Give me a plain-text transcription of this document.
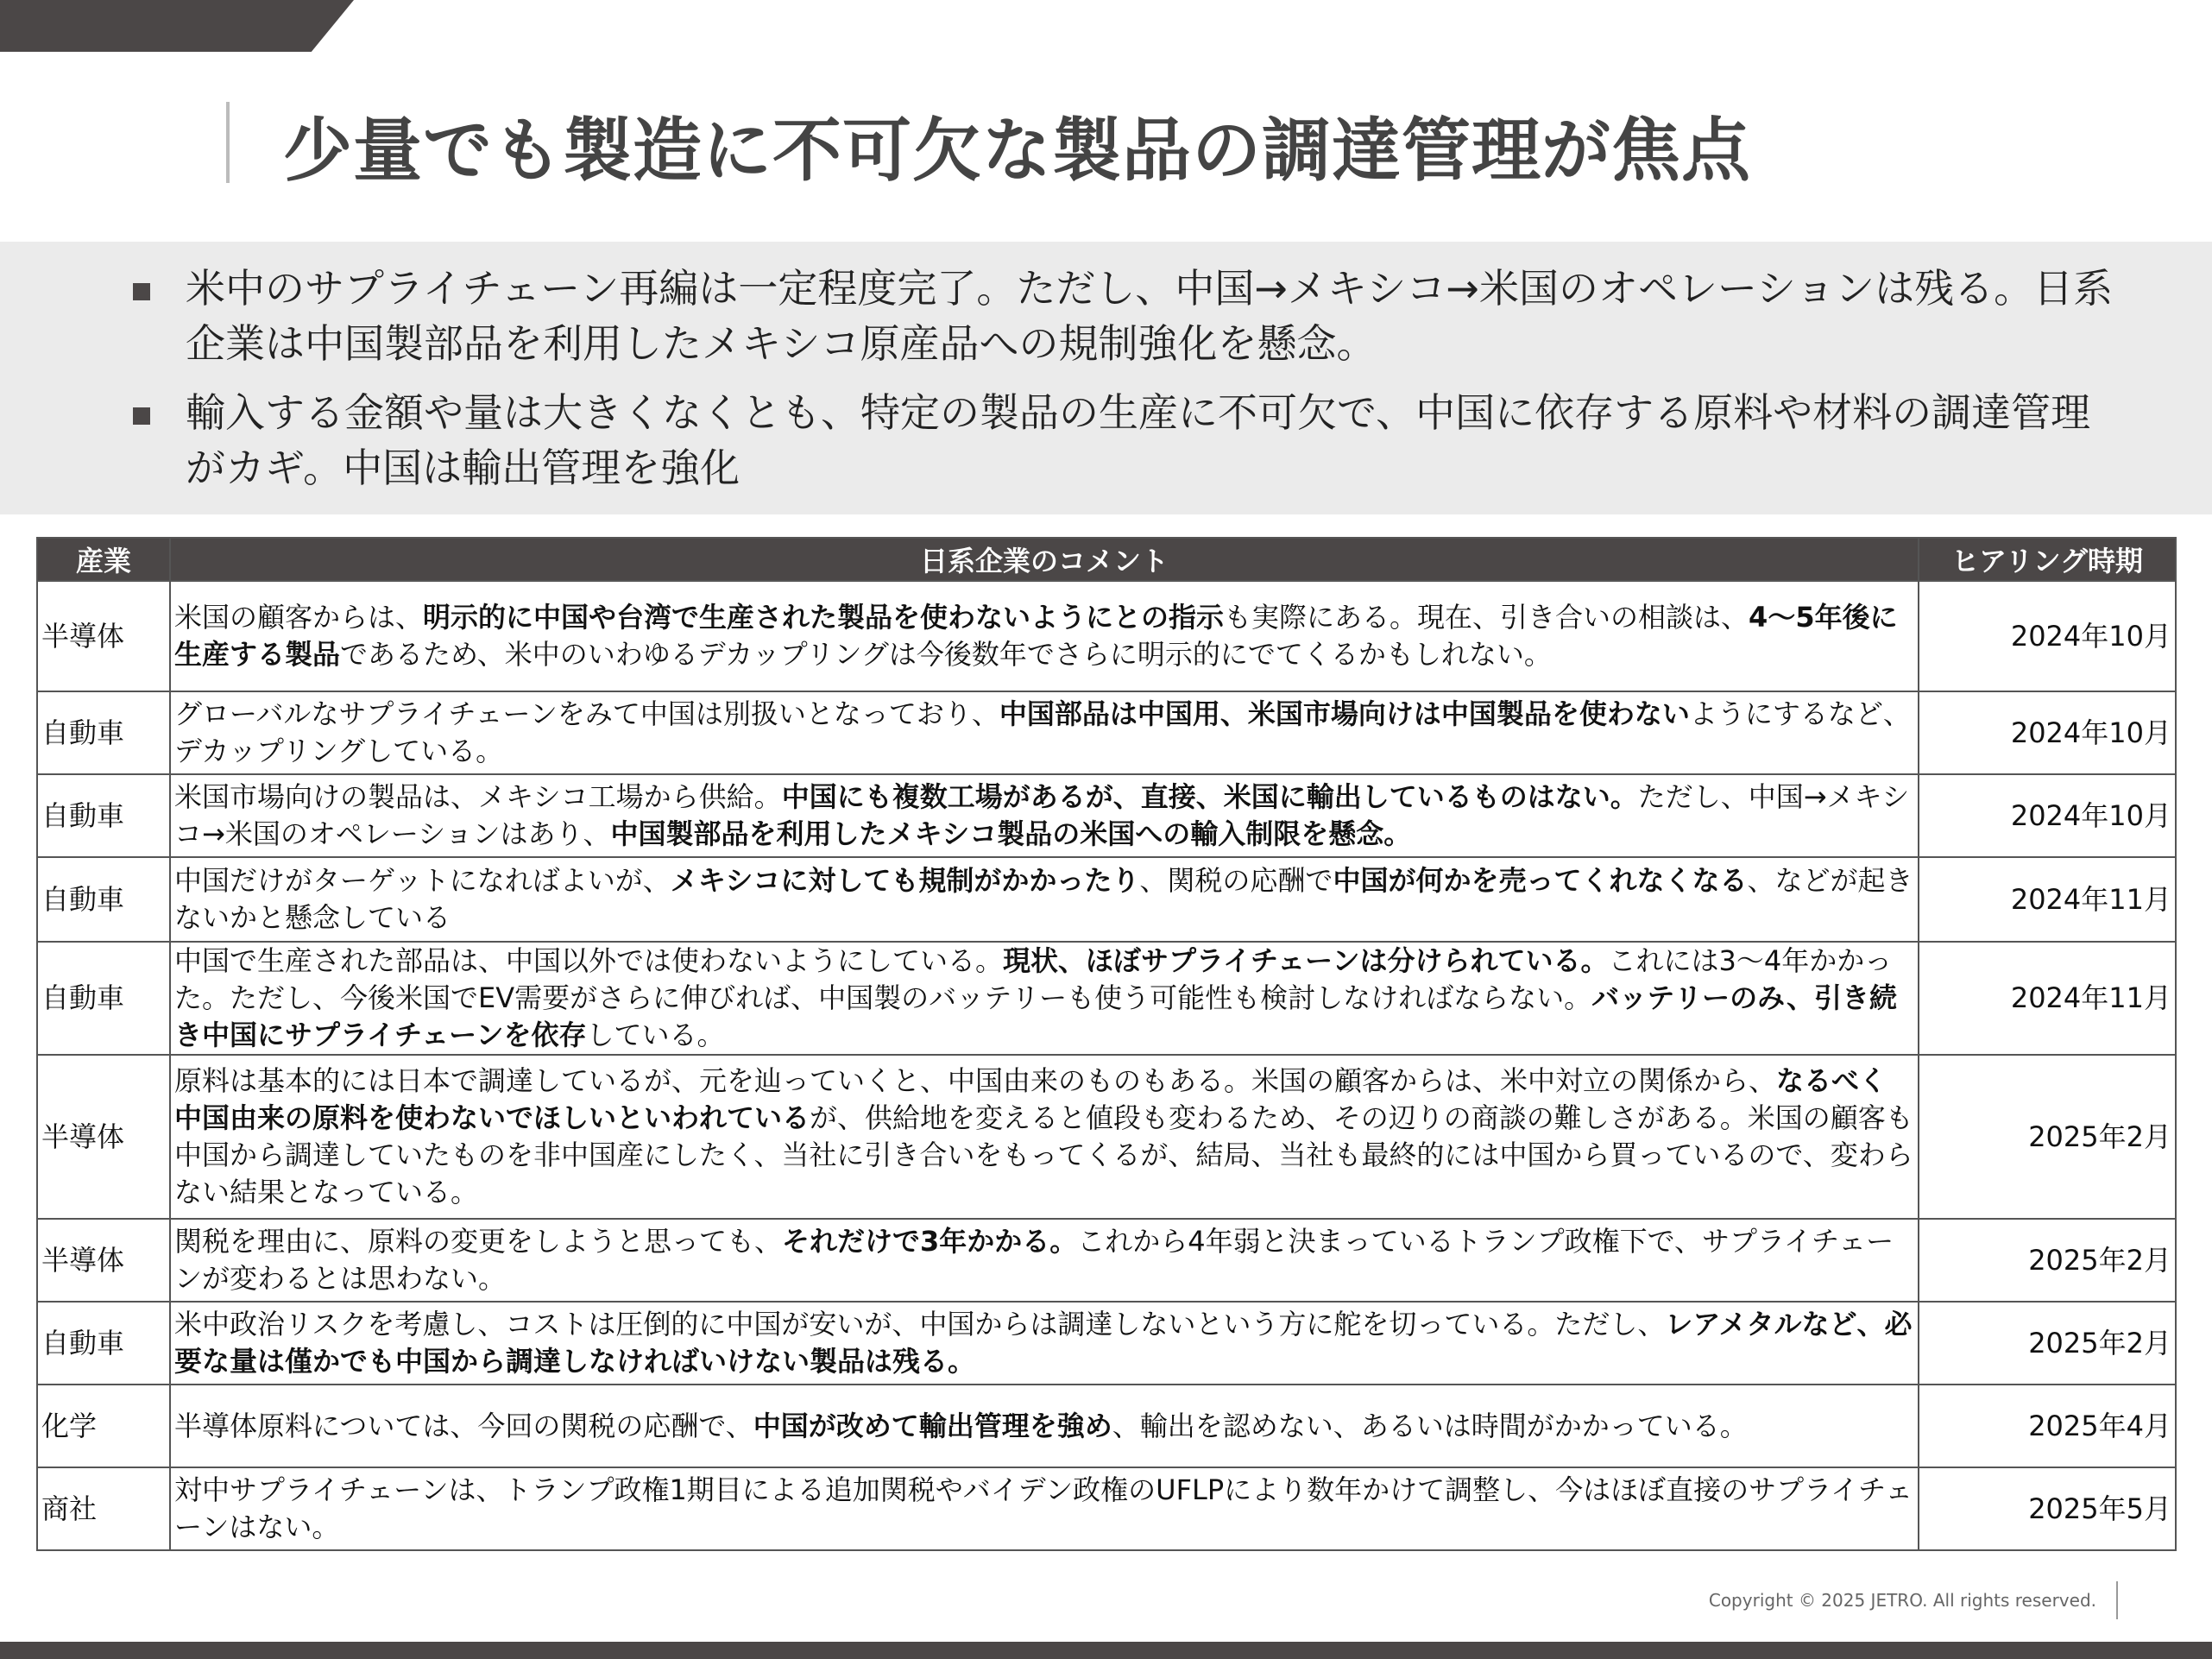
少量でも製造に不可欠な製品の調達管理が焦点
米中のサプライチェーン再編は一定程度完了。ただし、中国→メキシコ→米国のオペレーションは残る。日系企業は中国製部品を利用したメキシコ原産品への規制強化を懸念。
輸入する金額や量は大きくなくとも、特定の製品の生産に不可欠で、中国に依存する原料や材料の調達管理がカギ。中国は輸出管理を強化
産業	日系企業のコメント	ヒアリング時期
半導体	米国の顧客からは、明示的に中国や台湾で生産された製品を使わないようにとの指示も実際にある。現在、引き合いの相談は、4～5年後に生産する製品であるため、米中のいわゆるデカップリングは今後数年でさらに明示的にでてくるかもしれない。	2024年10月
自動車	グローバルなサプライチェーンをみて中国は別扱いとなっており、中国部品は中国用、米国市場向けは中国製品を使わないようにするなど、デカップリングしている。	2024年10月
自動車	米国市場向けの製品は、メキシコ工場から供給。中国にも複数工場があるが、直接、米国に輸出しているものはない。ただし、中国→メキシコ→米国のオペレーションはあり、中国製部品を利用したメキシコ製品の米国への輸入制限を懸念。	2024年10月
自動車	中国だけがターゲットになればよいが、メキシコに対しても規制がかかったり、関税の応酬で中国が何かを売ってくれなくなる、などが起きないかと懸念している	2024年11月
自動車	中国で生産された部品は、中国以外では使わないようにしている。現状、ほぼサプライチェーンは分けられている。これには3～4年かかった。ただし、今後米国でEV需要がさらに伸びれば、中国製のバッテリーも使う可能性も検討しなければならない。バッテリーのみ、引き続き中国にサプライチェーンを依存している。	2024年11月
半導体	原料は基本的には日本で調達しているが、元を辿っていくと、中国由来のものもある。米国の顧客からは、米中対立の関係から、なるべく中国由来の原料を使わないでほしいといわれているが、供給地を変えると値段も変わるため、その辺りの商談の難しさがある。米国の顧客も中国から調達していたものを非中国産にしたく、当社に引き合いをもってくるが、結局、当社も最終的には中国から買っているので、変わらない結果となっている。	2025年2月
半導体	関税を理由に、原料の変更をしようと思っても、それだけで3年かかる。これから4年弱と決まっているトランプ政権下で、サプライチェーンが変わるとは思わない。	2025年2月
自動車	米中政治リスクを考慮し、コストは圧倒的に中国が安いが、中国からは調達しないという方に舵を切っている。ただし、レアメタルなど、必要な量は僅かでも中国から調達しなければいけない製品は残る。	2025年2月
化学	半導体原料については、今回の関税の応酬で、中国が改めて輸出管理を強め、輸出を認めない、あるいは時間がかかっている。	2025年4月
商社	対中サプライチェーンは、トランプ政権1期目による追加関税やバイデン政権のUFLPにより数年かけて調整し、今はほぼ直接のサプライチェーンはない。	2025年5月
Copyright © 2025 JETRO. All rights reserved.
